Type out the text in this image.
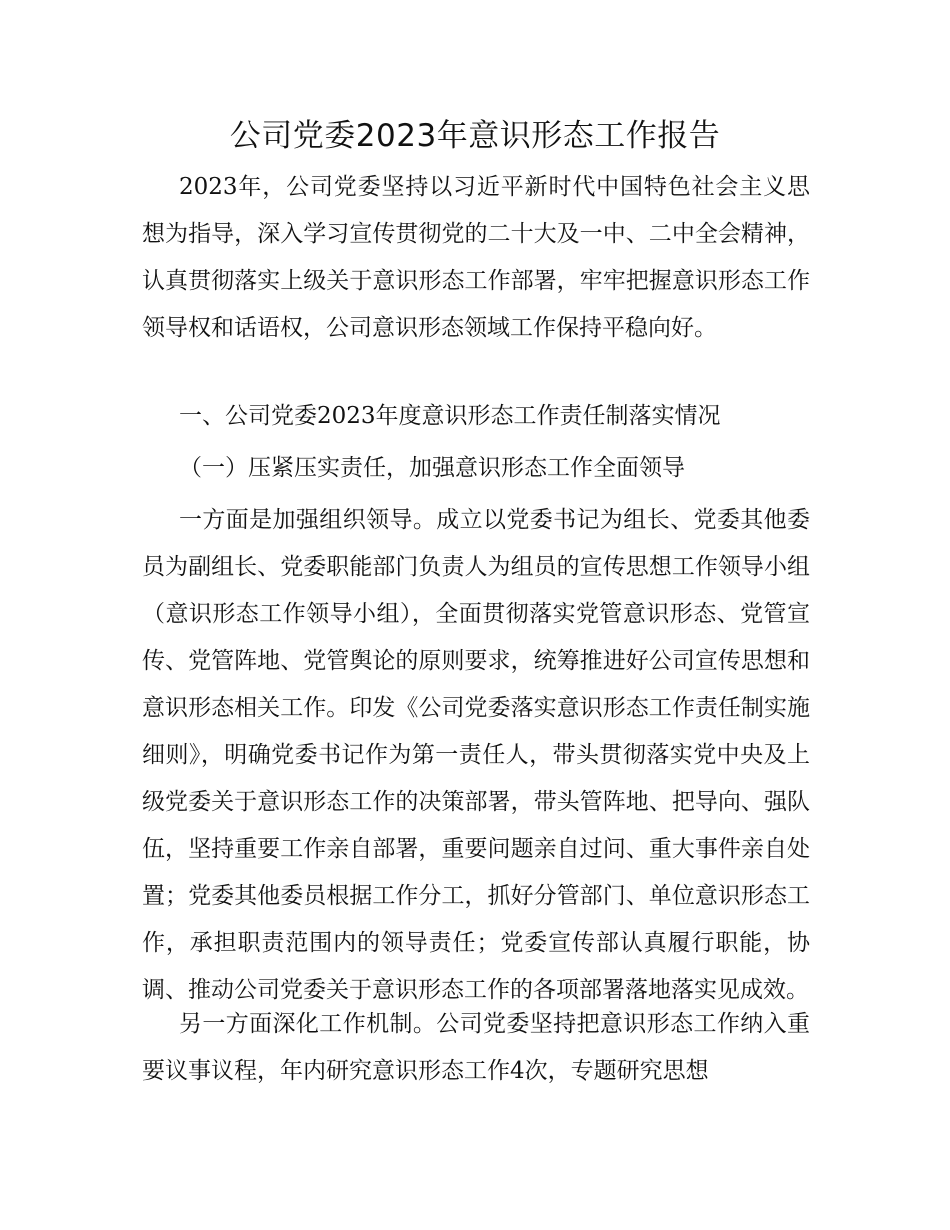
公司党委2023年意识形态工作报告

2023年，公司党委坚持以习近平新时代中国特色社会主义思想为指导，深入学习宣传贯彻党的二十大及一中、二中全会精神，认真贯彻落实上级关于意识形态工作部署，牢牢把握意识形态工作领导权和话语权，公司意识形态领域工作保持平稳向好。

一、公司党委2023年度意识形态工作责任制落实情况

（一）压紧压实责任，加强意识形态工作全面领导

一方面是加强组织领导。成立以党委书记为组长、党委其他委员为副组长、党委职能部门负责人为组员的宣传思想工作领导小组（意识形态工作领导小组），全面贯彻落实党管意识形态、党管宣传、党管阵地、党管舆论的原则要求，统筹推进好公司宣传思想和意识形态相关工作。印发《公司党委落实意识形态工作责任制实施细则》，明确党委书记作为第一责任人，带头贯彻落实党中央及上级党委关于意识形态工作的决策部署，带头管阵地、把导向、强队伍，坚持重要工作亲自部署，重要问题亲自过问、重大事件亲自处置；党委其他委员根据工作分工，抓好分管部门、单位意识形态工作，承担职责范围内的领导责任；党委宣传部认真履行职能，协调、推动公司党委关于意识形态工作的各项部署落地落实见成效。

另一方面深化工作机制。公司党委坚持把意识形态工作纳入重要议事议程，年内研究意识形态工作4次，专题研究思想
